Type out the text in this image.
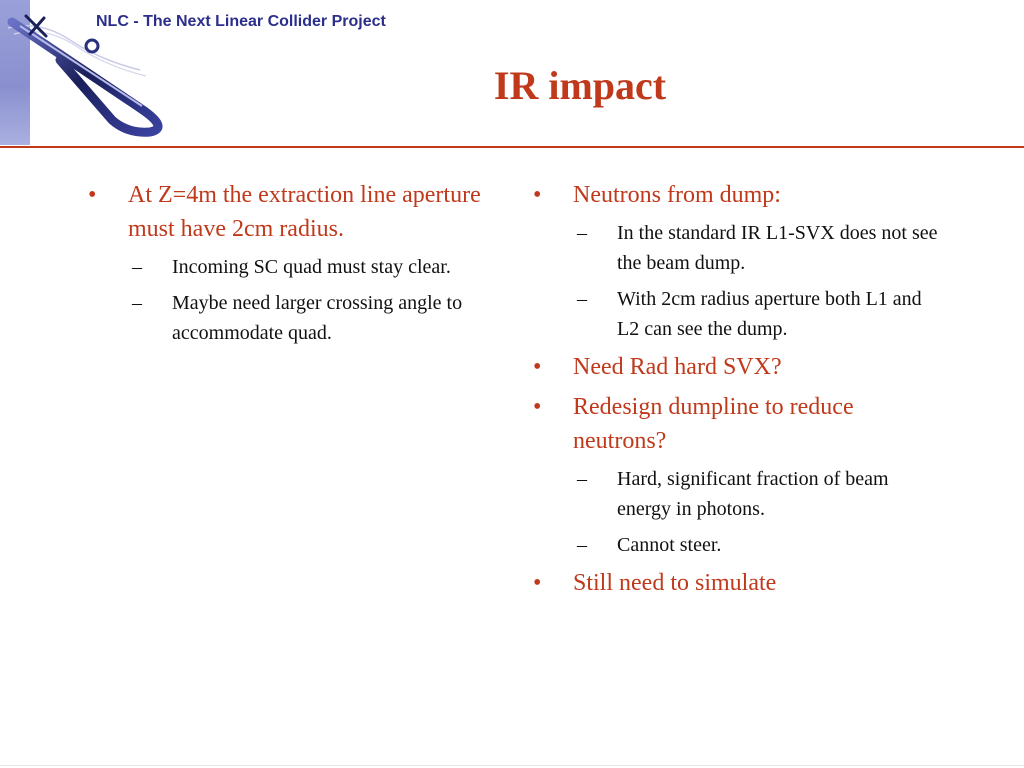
NLC - The Next Linear Collider Project
IR impact
•	At Z=4m the extraction line aperture must have 2cm radius.
–	Incoming SC quad must stay clear.
–	Maybe need larger crossing angle to accommodate quad.
•	Neutrons from dump:
–	In the standard IR L1-SVX does not see the beam dump.
–	With 2cm radius aperture both L1 and L2 can see the dump.
•	Need Rad hard SVX?
•	Redesign dumpline to reduce neutrons?
–	Hard, significant fraction of beam energy in photons.
–	Cannot steer.
•	Still need to simulate
